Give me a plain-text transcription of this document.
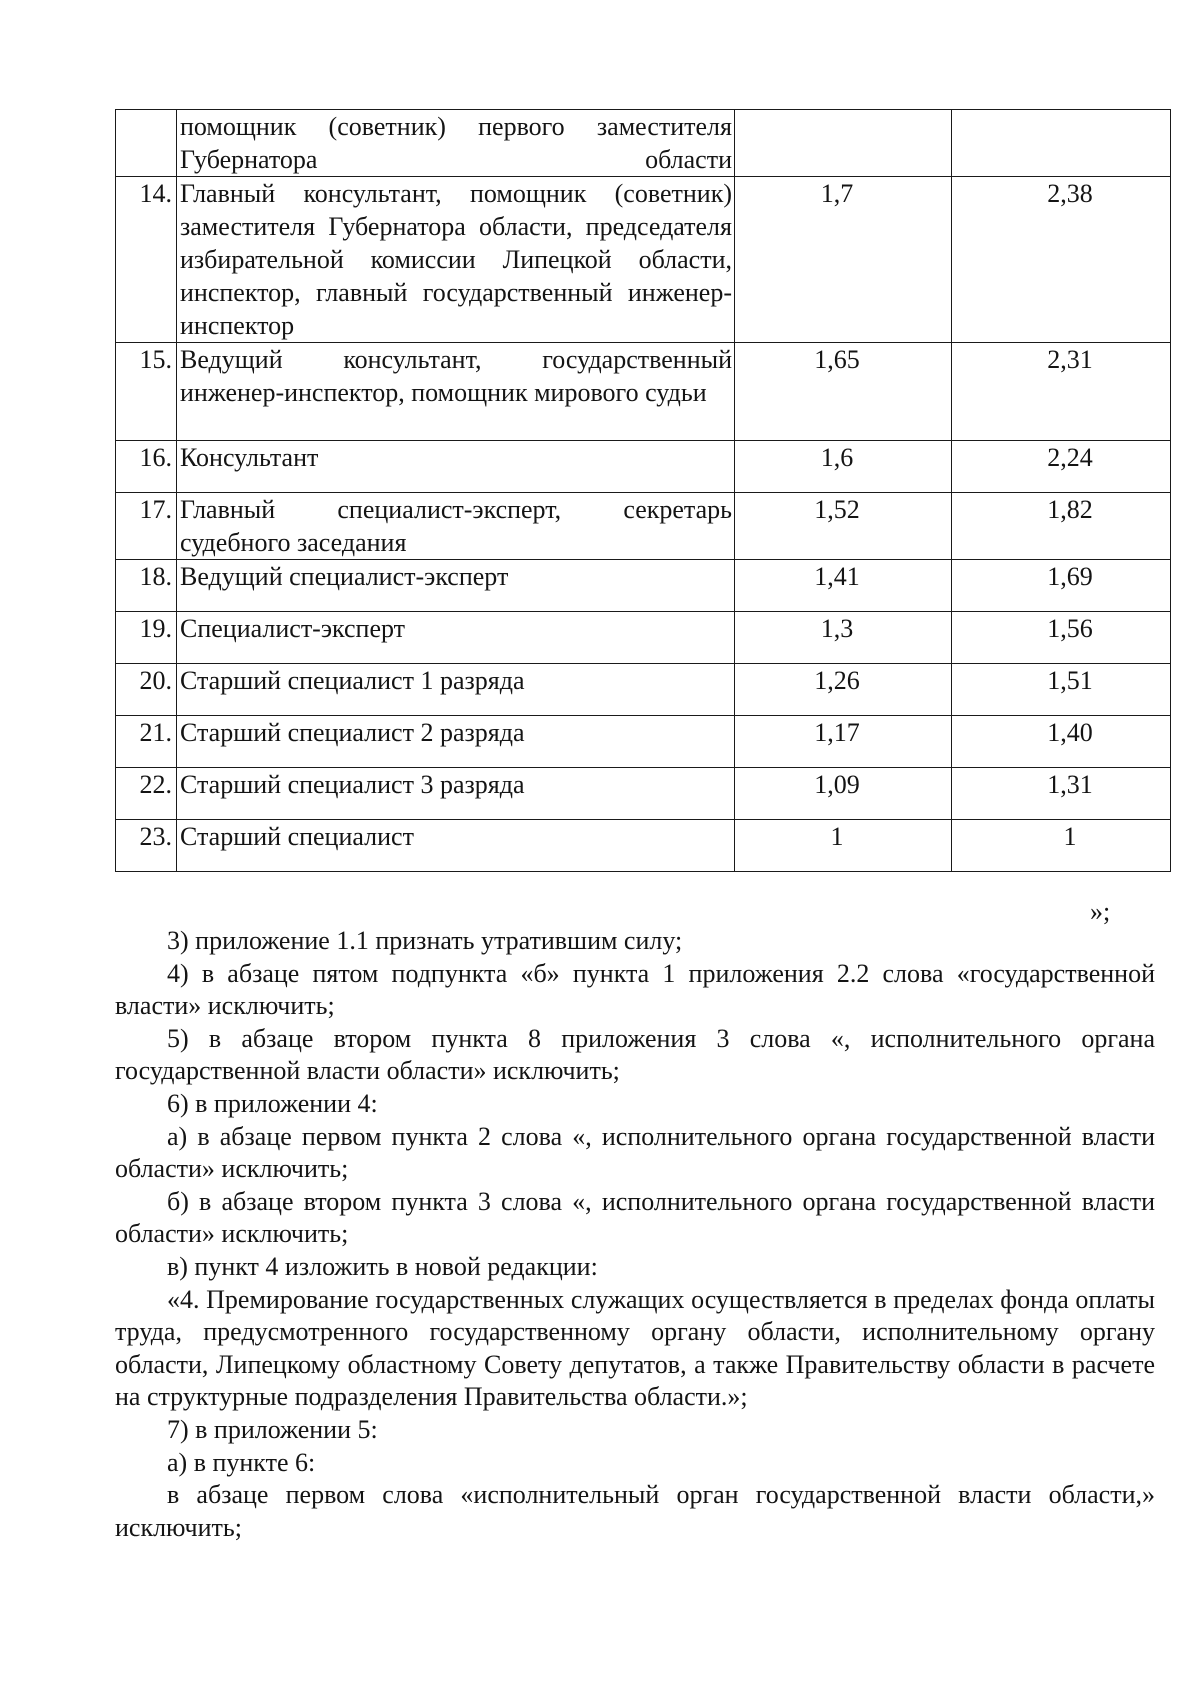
	помощник (советник) первого заместителя Губернатора области		
14.	Главный консультант, помощник (советник) заместителя Губернатора области, председателя избирательной комиссии Липецкой области, инспектор, главный государственный инженер-инспектор	1,7	2,38
15.	Ведущий консультант, государственный инженер-инспектор, помощник мирового судьи	1,65	2,31
16.	Консультант	1,6	2,24
17.	Главный специалист-эксперт, секретарь судебного заседания	1,52	1,82
18.	Ведущий специалист-эксперт	1,41	1,69
19.	Специалист-эксперт	1,3	1,56
20.	Старший специалист 1 разряда	1,26	1,51
21.	Старший специалист 2 разряда	1,17	1,40
22.	Старший специалист 3 разряда	1,09	1,31
23.	Старший специалист	1	1
»;

3) приложение 1.1 признать утратившим силу;

4) в абзаце пятом подпункта «б» пункта 1 приложения 2.2 слова «государственной власти» исключить;

5) в абзаце втором пункта 8 приложения 3 слова «, исполнительного органа государственной власти области» исключить;

6) в приложении 4:

а) в абзаце первом пункта 2 слова «, исполнительного органа государственной власти области» исключить;

б) в абзаце втором пункта 3 слова «, исполнительного органа государственной власти области» исключить;

в) пункт 4 изложить в новой редакции:

«4. Премирование государственных служащих осуществляется в пределах фонда оплаты труда, предусмотренного государственному органу области, исполнительному органу области, Липецкому областному Совету депутатов, а также Правительству области в расчете на структурные подразделения Правительства области.»;

7) в приложении 5:

а) в пункте 6:

в абзаце первом слова «исполнительный орган государственной власти области,» исключить;
